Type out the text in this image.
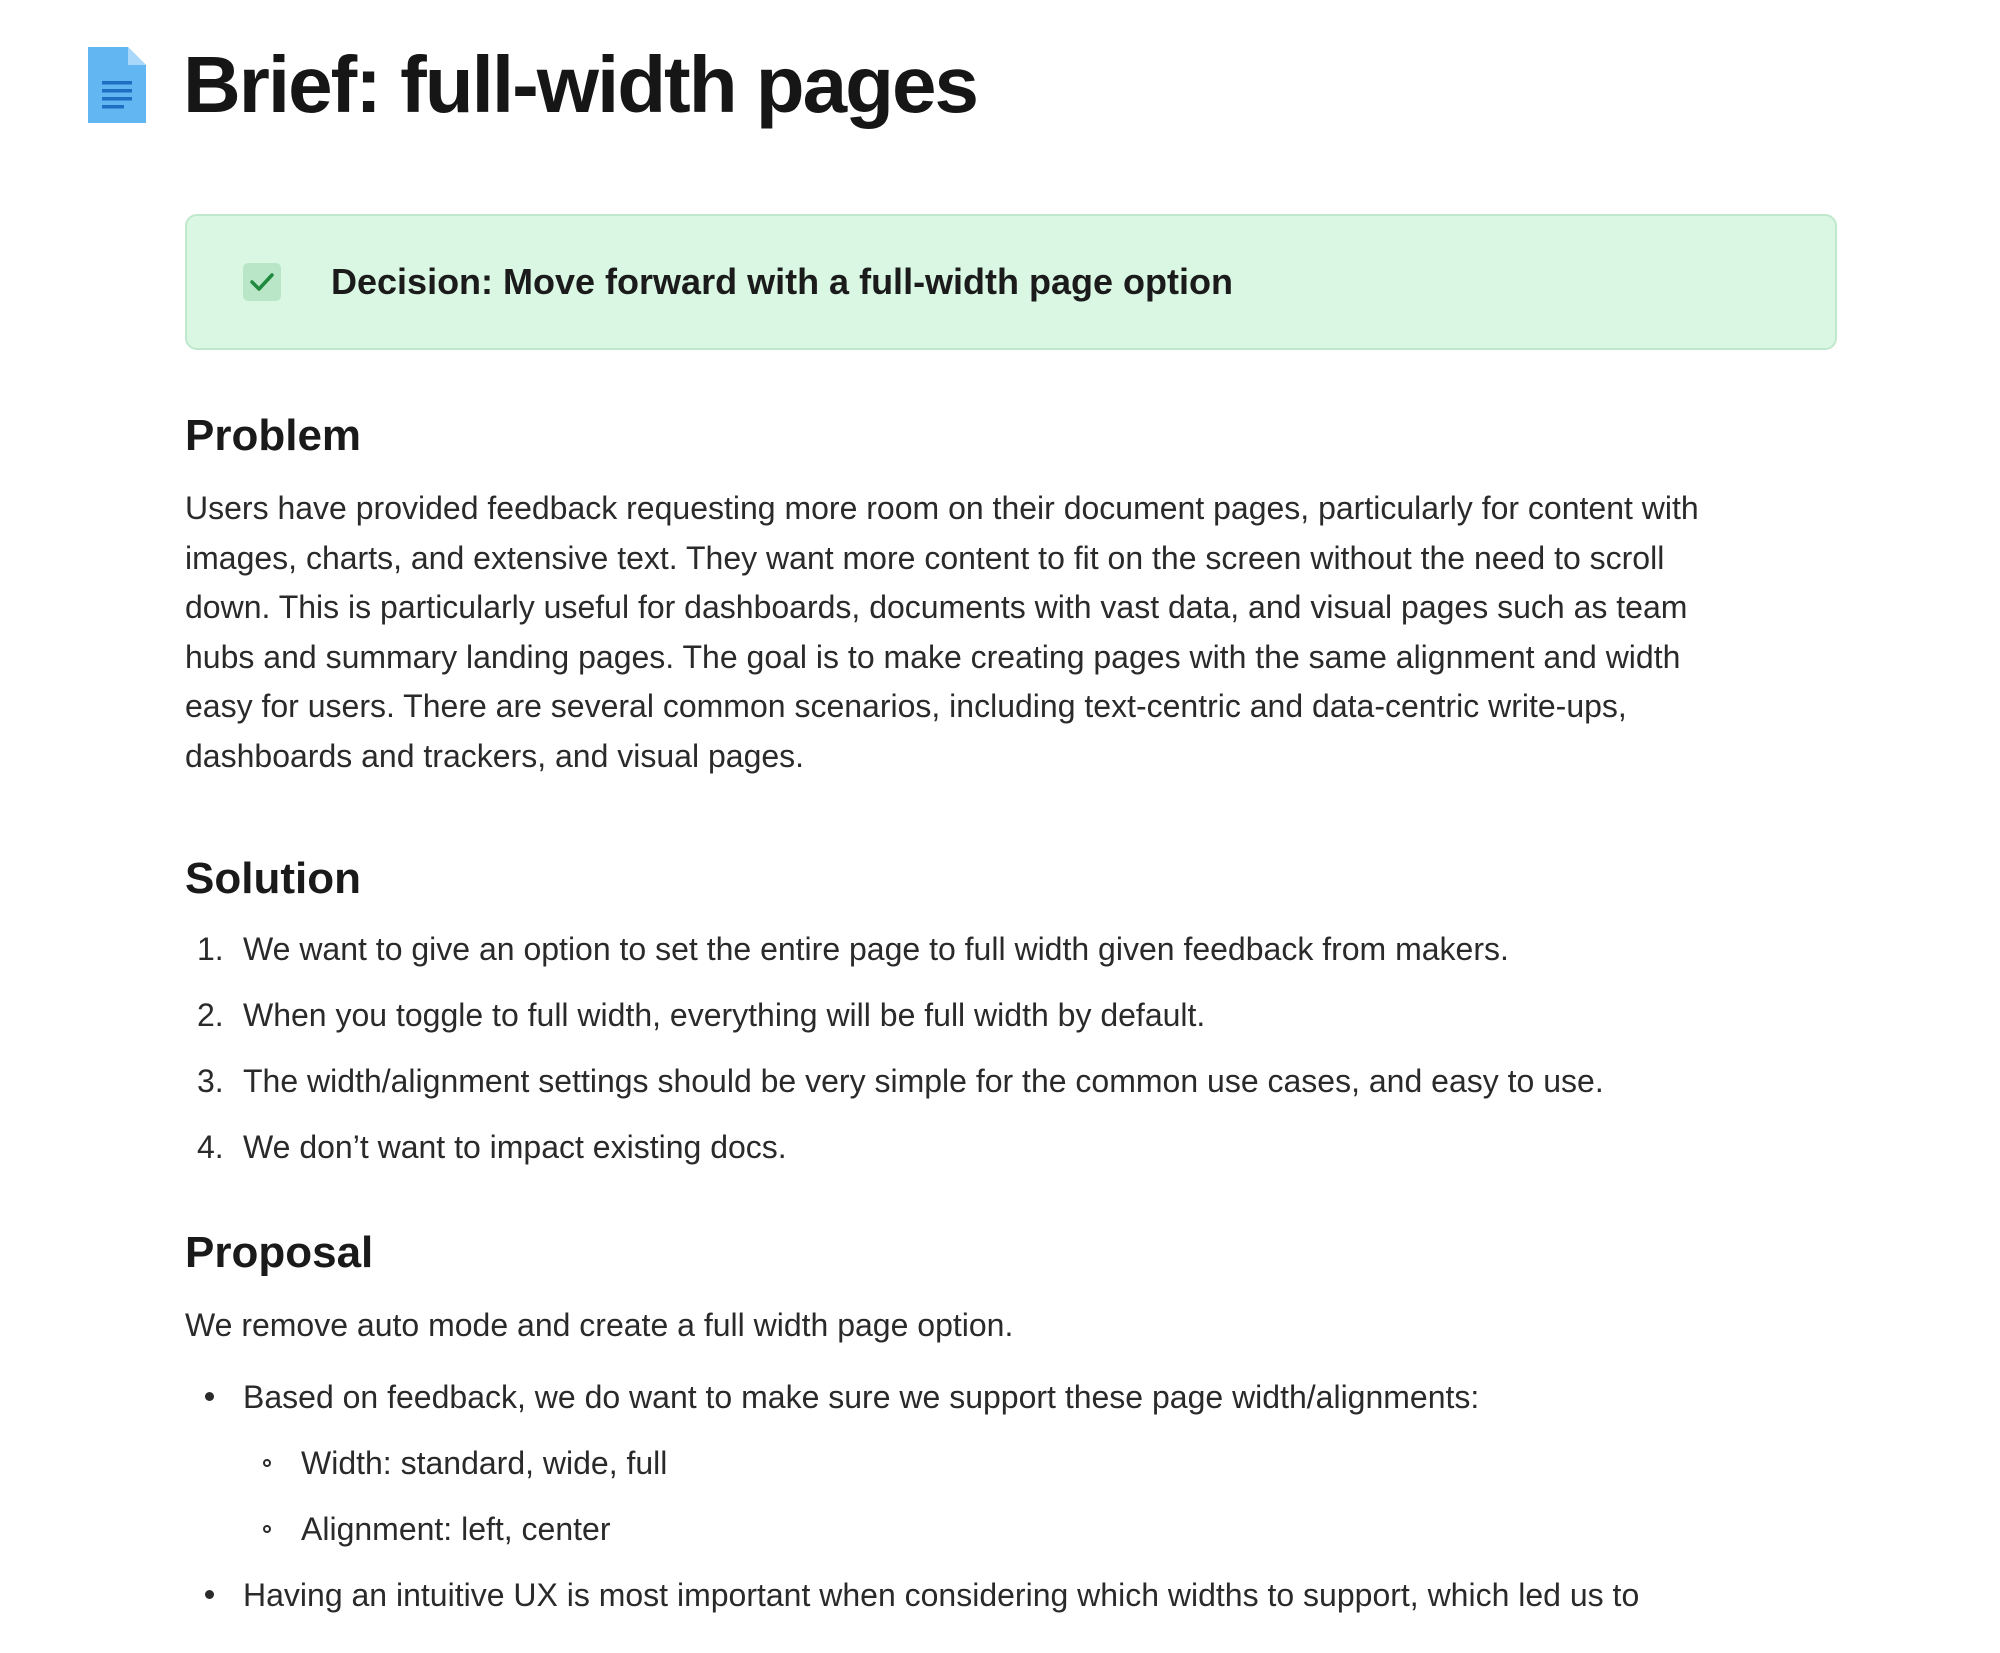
Brief: full-width pages
Decision: Move forward with a full-width page option
Problem

Users have provided feedback requesting more room on their document pages, particularly for content with
images, charts, and extensive text. They want more content to fit on the screen without the need to scroll
down. This is particularly useful for dashboards, documents with vast data, and visual pages such as team
hubs and summary landing pages. The goal is to make creating pages with the same alignment and width
easy for users. There are several common scenarios, including text-centric and data-centric write-ups,
dashboards and trackers, and visual pages.

Solution
1. We want to give an option to set the entire page to full width given feedback from makers.
2. When you toggle to full width, everything will be full width by default.
3. The width/alignment settings should be very simple for the common use cases, and easy to use.
4. We don’t want to impact existing docs.
Proposal

We remove auto mode and create a full width page option.

Based on feedback, we do want to make sure we support these page width/alignments:
Width: standard, wide, full
Alignment: left, center
Having an intuitive UX is most important when considering which widths to support, which led us to
